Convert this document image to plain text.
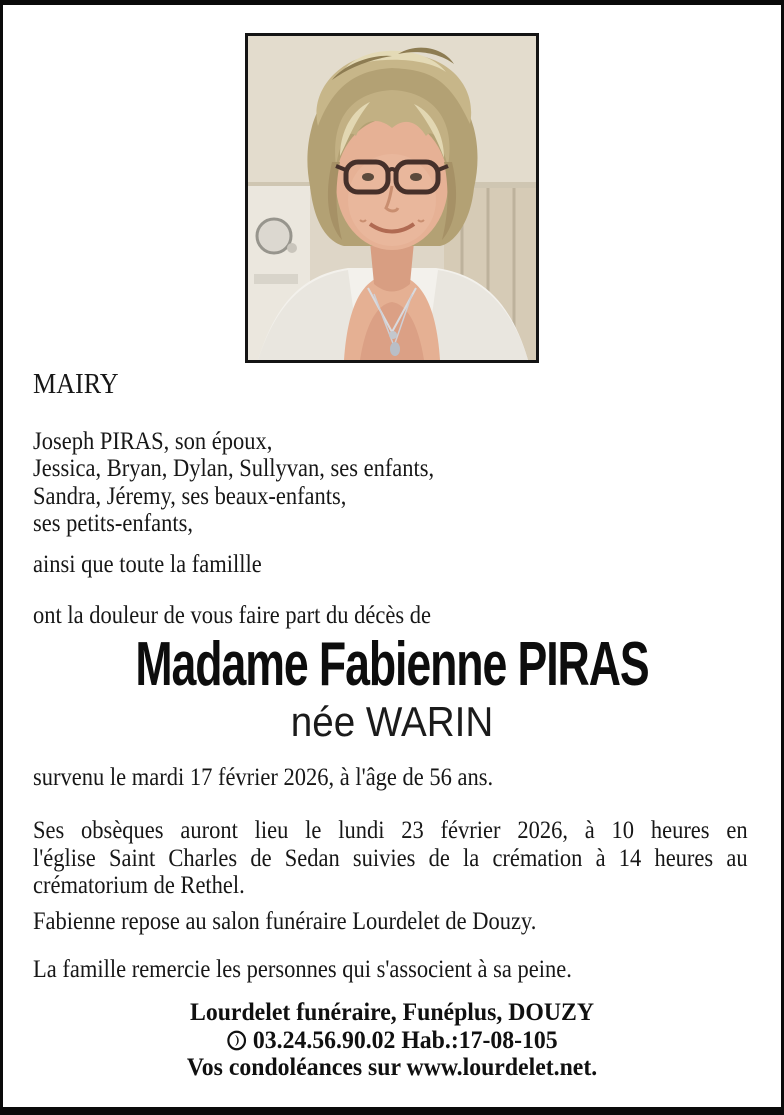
MAIRY
Joseph PIRAS, son époux,
Jessica, Bryan, Dylan, Sullyvan, ses enfants,
Sandra, Jéremy, ses beaux-enfants,
ses petits-enfants,
ainsi que toute la famillle
ont la douleur de vous faire part du décès de
Madame Fabienne PIRAS
née WARIN
survenu le mardi 17 février 2026, à l'âge de 56 ans.
Ses obsèques auront lieu le lundi 23 février 2026, à 10 heures en
l'église Saint Charles de Sedan suivies de la crémation à 14 heures au
crématorium de Rethel.
Fabienne repose au salon funéraire Lourdelet de Douzy.
La famille remercie les personnes qui s'associent à sa peine.
Lourdelet funéraire, Funéplus, DOUZY
03.24.56.90.02 Hab.:17-08-105
Vos condoléances sur www.lourdelet.net.
